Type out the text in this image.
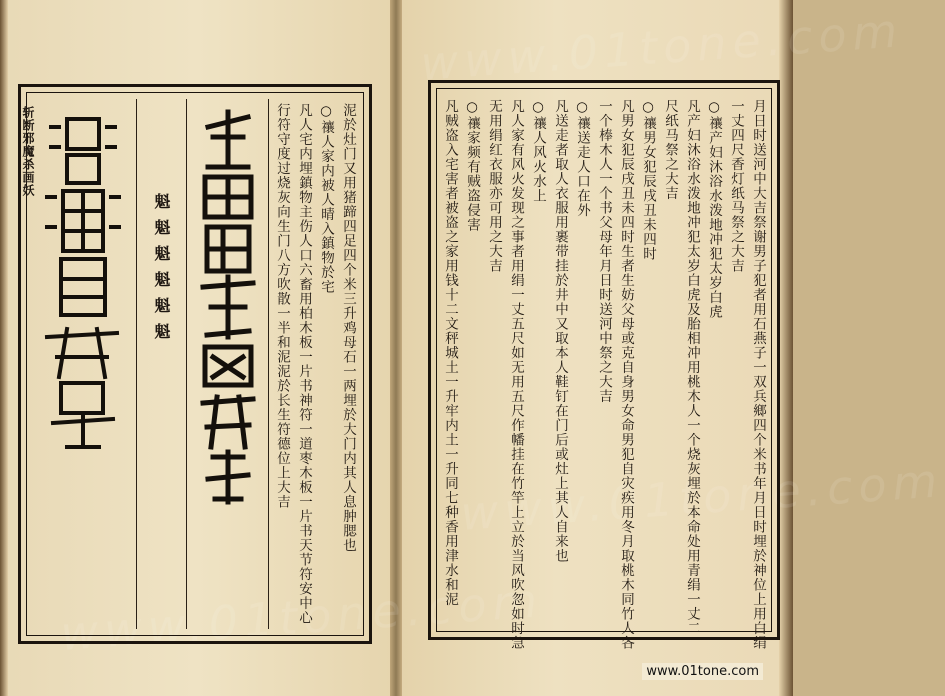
泥於灶门又用猪蹄四足四个米三升鸡母石一两埋於大门内其人息肿腮也
○禳人家内被人晴入鎮物於宅
凡人宅内埋鎮物主伤人口六畜用柏木板一片书神符一道枣木板一片书天节符安中心
行符守度过烧灰向生门八方吹散一半和泥泥於长生符德位上大吉
魁魁魁魁魁魁
斩断邪魔杀画妖	月日时送河中大吉祭谢男子犯者用石燕子一双兵鄉四个米书年月日时埋於神位上用白绢
一丈四尺香灯纸马祭之大吉
○禳产妇沐浴水泼地冲犯太岁白虎
凡产妇沐浴水泼地冲犯太岁白虎及胎相冲用桃木人一个烧灰埋於本命处用青绢一丈二
尺纸马祭之大吉
○禳男女犯辰戌丑未四时
凡男女犯辰戌丑未四时生者生妨父母或克自身男女命男犯自灾疾用冬月取桃木同竹人各
一个棒木人一个书父母年月日时送河中祭之大吉
○禳送走人口在外
凡送走者取人衣服用裹带挂於井中又取本人鞋钉在门后或灶上其人自来也
○禳人风火水上
凡人家有风火发现之事者用绢一丈五尺如无用五尺作幡挂在竹竿上立於当风吹忽如时急
无用绢红衣服亦可用之大吉
○禳家频有贼盗侵害
凡贼盗入宅害者被盗之家用钱十二文秤城土一升牢内土一升同七种香用津水和泥
www.01tone.com
